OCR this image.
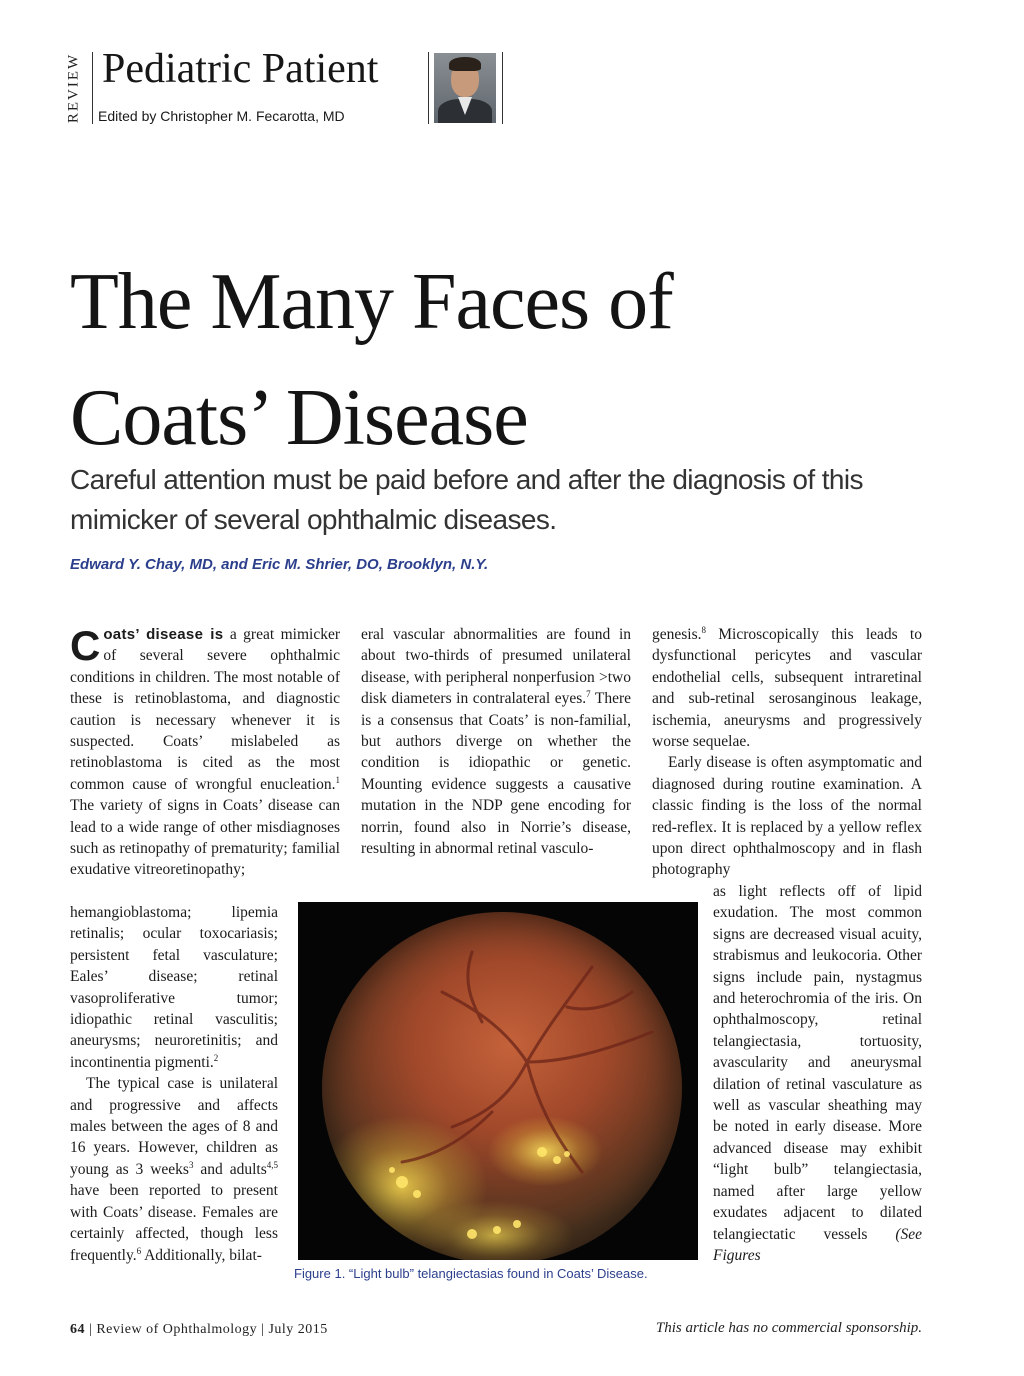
REVIEW Pediatric Patient
Edited by Christopher M. Fecarotta, MD
The Many Faces of
Coats’ Disease
Careful attention must be paid before and after the diagnosis of this mimicker of several ophthalmic diseases.
Edward Y. Chay, MD, and Eric M. Shrier, DO, Brooklyn, N.Y.

Coats’ disease is a great mimicker of several severe ophthalmic conditions in children. The most notable of these is retinoblastoma, and diagnostic caution is necessary whenever it is suspected. Coats’ mislabeled as retinoblastoma is cited as the most common cause of wrongful enucleation.$^1$ The variety of signs in Coats’ disease can lead to a wide range of other misdiagnoses such as retinopathy of prematurity; familial exudative vitreoretinopathy;

hemangioblastoma; lipemia retinalis; ocular toxocariasis; persistent fetal vasculature; Eales’ disease; retinal vasoproliferative tumor; idiopathic retinal vasculitis; aneurysms; neuroretinitis; and incontinentia pigmenti.$^2$

The typical case is unilateral and progressive and affects males between the ages of 8 and 16 years. However, children as young as 3 weeks$^3$ and adults$^{4,5}$ have been reported to present with Coats’ disease. Females are certainly affected, though less frequently.$^6$ Additionally, bilat-

eral vascular abnormalities are found in about two-thirds of presumed unilateral disease, with peripheral nonperfusion >two disk diameters in contralateral eyes.$^7$ There is a consensus that Coats’ is non-familial, but authors diverge on whether the condition is idiopathic or genetic. Mounting evidence suggests a causative mutation in the NDP gene encoding for norrin, found also in Norrie’s disease, resulting in abnormal retinal vasculo-

genesis.$^8$ Microscopically this leads to dysfunctional pericytes and vascular endothelial cells, subsequent intraretinal and sub-retinal serosanginous leakage, ischemia, aneurysms and progressively worse sequelae.

Early disease is often asymptomatic and diagnosed during routine examination. A classic finding is the loss of the normal red-reflex. It is replaced by a yellow reflex upon direct ophthalmoscopy and in flash photography

as light reflects off of lipid exudation. The most common signs are decreased visual acuity, strabismus and leukocoria. Other signs include pain, nystagmus and heterochromia of the iris. On ophthalmoscopy, retinal telangiectasia, tortuosity, avascularity and aneurysmal dilation of retinal vasculature as well as vascular sheathing may be noted in early disease. More advanced disease may exhibit “light bulb” telangiectasia, named after large yellow exudates adjacent to dilated telangiectatic vessels (See Figures

Figure 1. “Light bulb” telangiectasias found in Coats’ Disease.
64 | Review of Ophthalmology | July 2015	This article has no commercial sponsorship.
